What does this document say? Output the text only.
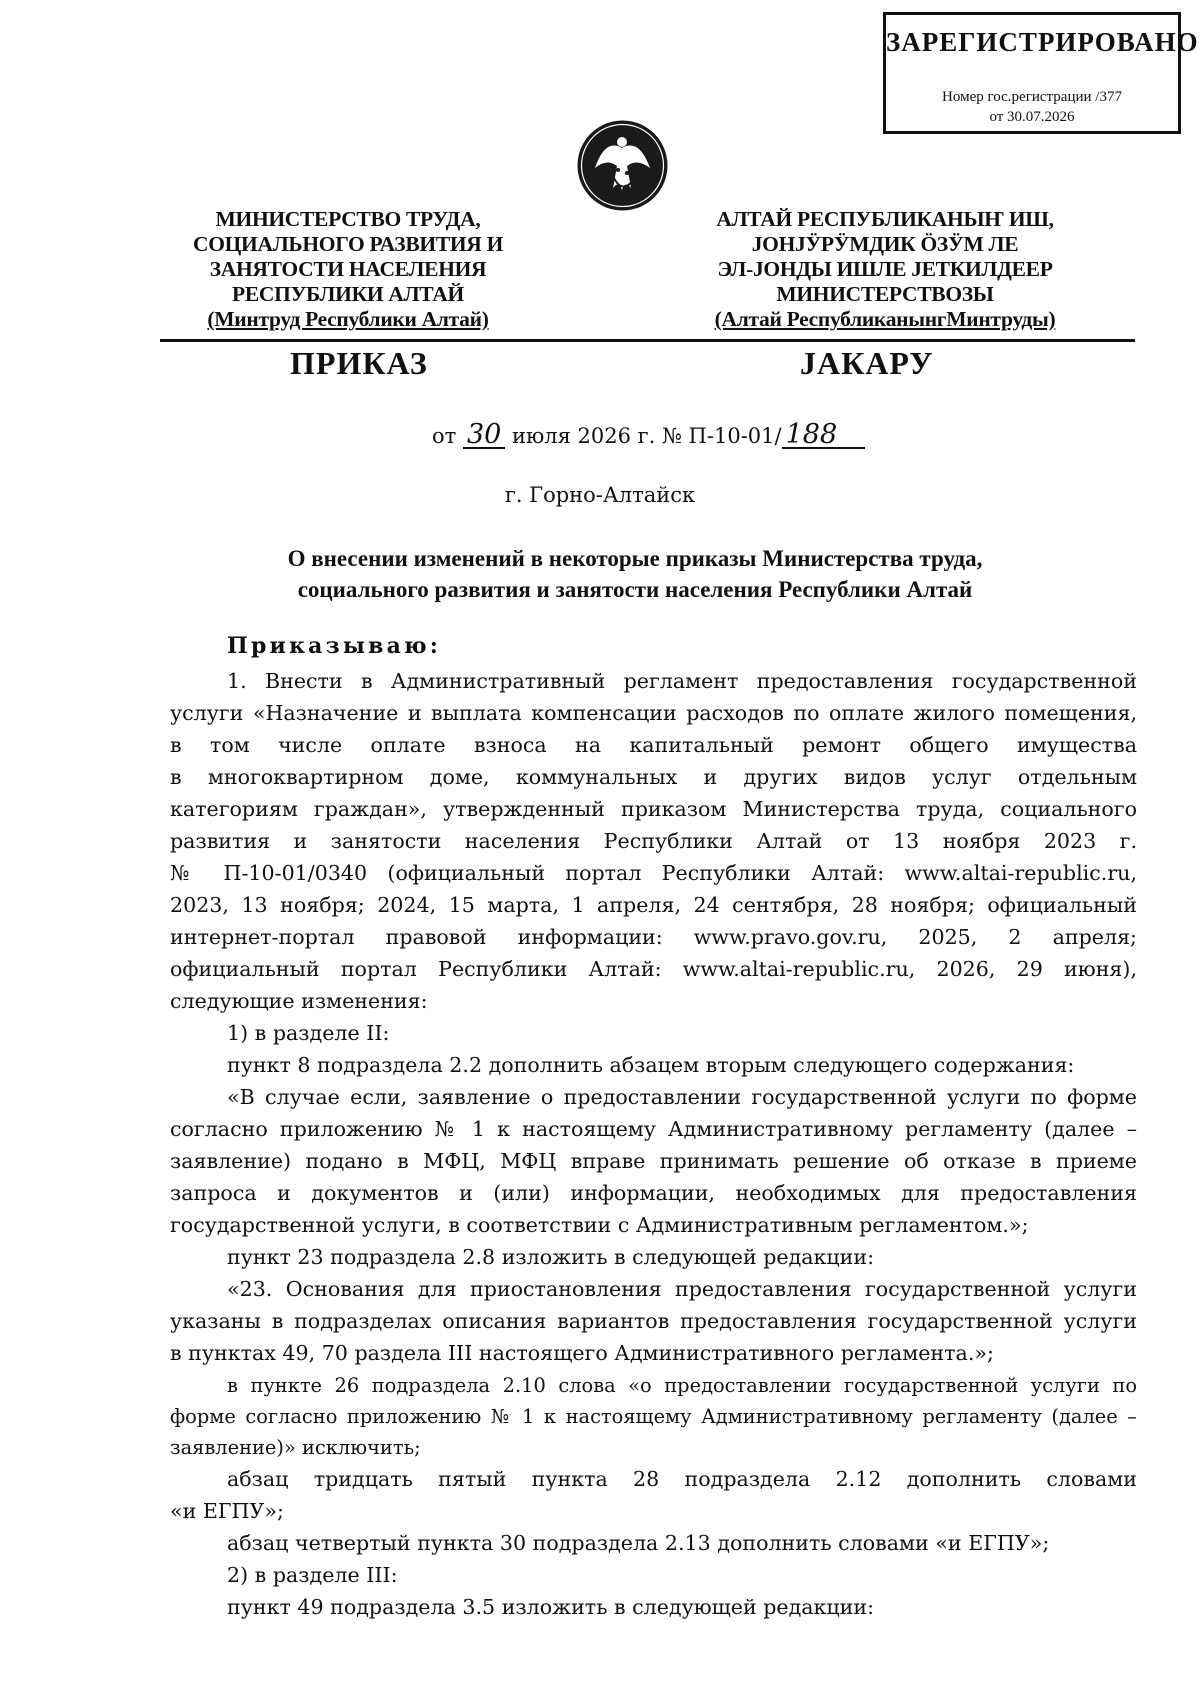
ЗАРЕГИСТРИРОВАНО
Номер гос.регистрации /377
от 30.07.2026
МИНИСТЕРСТВО ТРУДА,
СОЦИАЛЬНОГО РАЗВИТИЯ И
ЗАНЯТОСТИ НАСЕЛЕНИЯ
РЕСПУБЛИКИ АЛТАЙ
(Минтруд Республики Алтай)
АЛТАЙ РЕСПУБЛИКАНЫҤ ИШ,
ЈОНЈӰРӰМДИК ӦЗӰМ ЛЕ
ЭЛ-ЈОНДЫ ИШЛЕ ЈЕТКИЛДЕЕР
МИНИСТЕРСТВОЗЫ
(Алтай РеспубликанынгМинтруды)
ПРИКАЗ	ЈАКАРУ
от 30 июля 2026 г. № П-10-01/ 188
г. Горно-Алтайск
О внесении изменений в некоторые приказы Министерства труда,
социального развития и занятости населения Республики Алтай
Приказываю:
1. Внести в Административный регламент предоставления государственной
услуги «Назначение и выплата компенсации расходов по оплате жилого помещения,
в том числе оплате взноса на капитальный ремонт общего имущества
в многоквартирном доме, коммунальных и других видов услуг отдельным
категориям граждан», утвержденный приказом Министерства труда, социального
развития и занятости населения Республики Алтай от 13 ноября 2023 г.
№ П-10-01/0340 (официальный портал Республики Алтай: www.altai-republic.ru,
2023, 13 ноября; 2024, 15 марта, 1 апреля, 24 сентября, 28 ноября; официальный
интернет-портал правовой информации: www.pravo.gov.ru, 2025, 2 апреля;
официальный портал Республики Алтай: www.altai-republic.ru, 2026, 29 июня),
следующие изменения:
1) в разделе II:
пункт 8 подраздела 2.2 дополнить абзацем вторым следующего содержания:
«В случае если, заявление о предоставлении государственной услуги по форме
согласно приложению № 1 к настоящему Административному регламенту (далее –
заявление) подано в МФЦ, МФЦ вправе принимать решение об отказе в приеме
запроса и документов и (или) информации, необходимых для предоставления
государственной услуги, в соответствии с Административным регламентом.»;
пункт 23 подраздела 2.8 изложить в следующей редакции:
«23. Основания для приостановления предоставления государственной услуги
указаны в подразделах описания вариантов предоставления государственной услуги
в пунктах 49, 70 раздела III настоящего Административного регламента.»;
в пункте 26 подраздела 2.10 слова «о предоставлении государственной услуги по
форме согласно приложению № 1 к настоящему Административному регламенту (далее –
заявление)» исключить;
абзац тридцать пятый пункта 28 подраздела 2.12 дополнить словами
«и ЕГПУ»;
абзац четвертый пункта 30 подраздела 2.13 дополнить словами «и ЕГПУ»;
2) в разделе III:
пункт 49 подраздела 3.5 изложить в следующей редакции:
